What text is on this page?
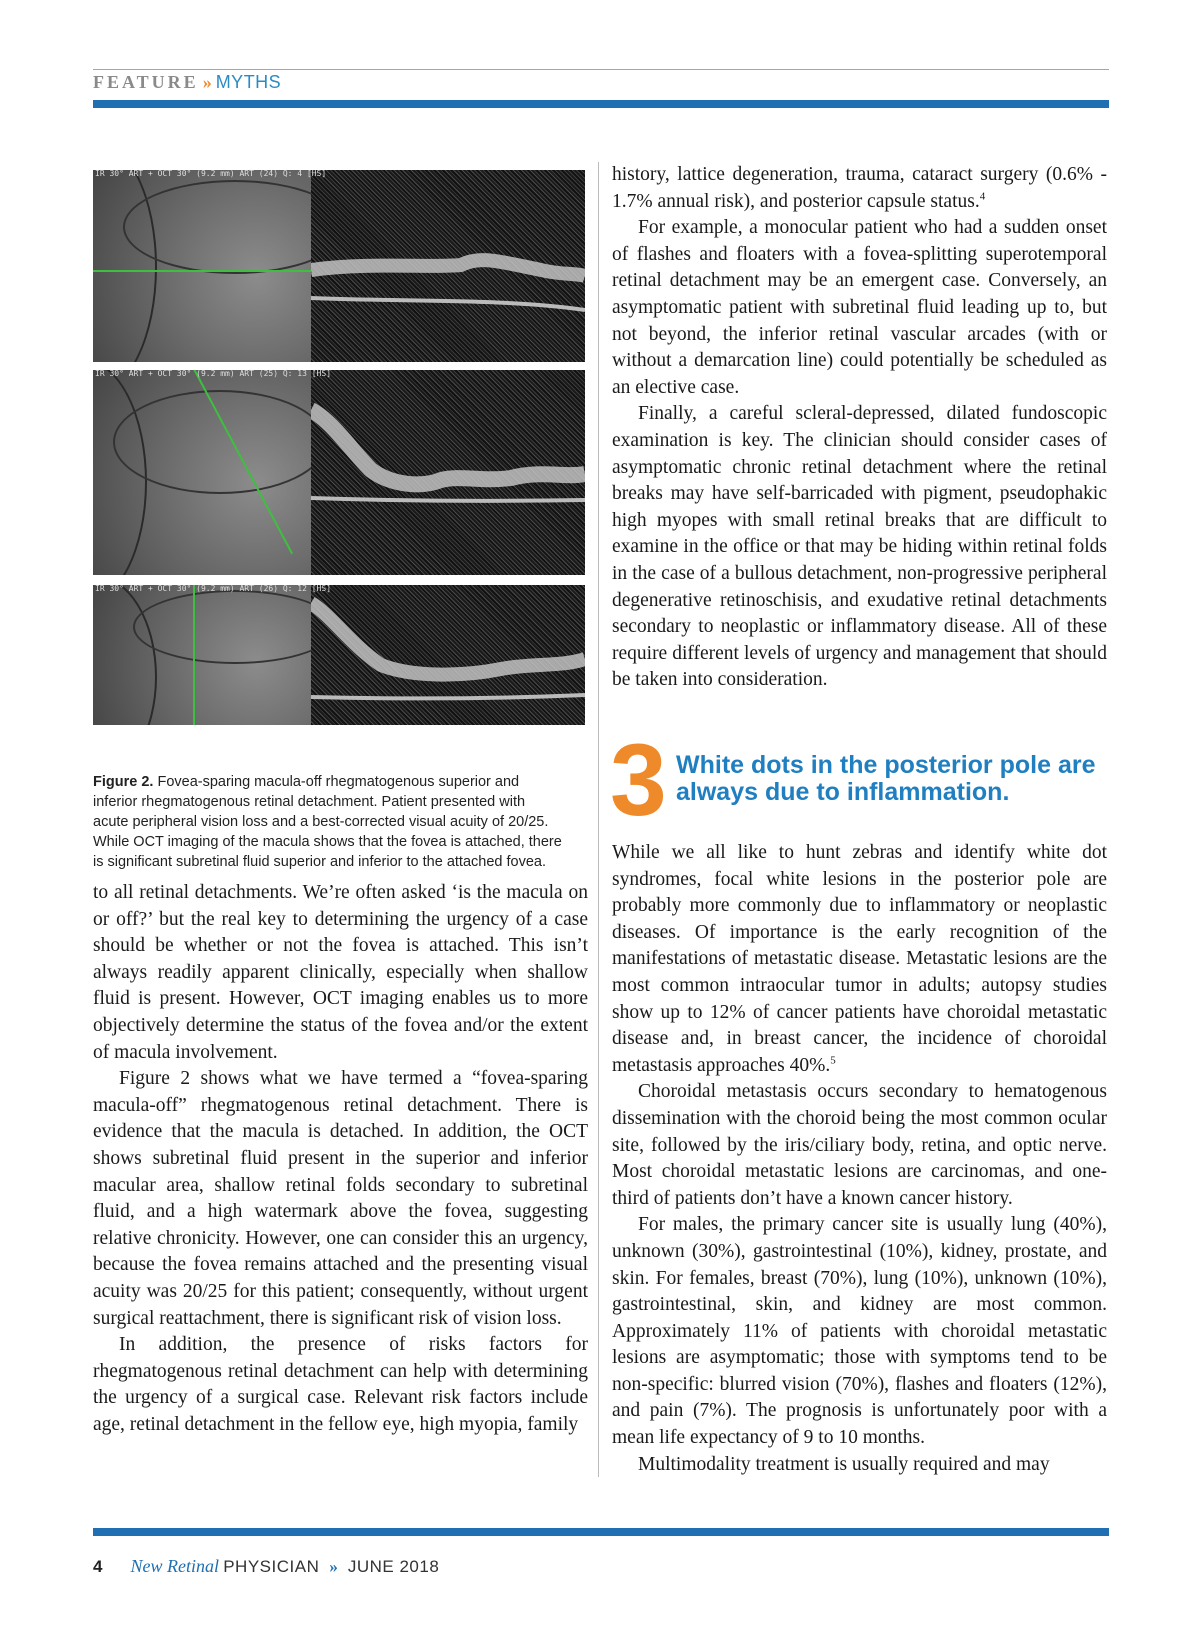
FEATURE » MYTHS
IR 30° ART + OCT 30° (9.2 mm) ART (24) Q: 4 [HS]
IR 30° ART + OCT 30° (9.2 mm) ART (25) Q: 13 [HS]
IR 30° ART + OCT 30° (9.2 mm) ART (26) Q: 12 [HS]
Figure 2. Fovea-sparing macula-off rhegmatogenous superior and inferior rhegmatogenous retinal detachment. Patient presented with acute peripheral vision loss and a best-corrected visual acuity of 20/25. While OCT imaging of the macula shows that the fovea is attached, there is significant subretinal fluid superior and inferior to the attached fovea.

to all retinal detachments. We’re often asked ‘is the macula on or off?’ but the real key to determining the urgency of a case should be whether or not the fovea is attached. This isn’t always readily apparent clinically, especially when shallow fluid is present. However, OCT imaging enables us to more objectively determine the status of the fovea and/or the extent of macula involvement.

Figure 2 shows what we have termed a “fovea-sparing macula-off” rhegmatogenous retinal detachment. There is evidence that the macula is detached. In addition, the OCT shows subretinal fluid present in the superior and inferior macular area, shallow retinal folds secondary to subretinal fluid, and a high watermark above the fovea, suggesting relative chronicity. However, one can consider this an urgency, because the fovea remains attached and the presenting visual acuity was 20/25 for this patient; consequently, without urgent surgical reattachment, there is significant risk of vision loss.

In addition, the presence of risks factors for rhegmatogenous retinal detachment can help with determining the urgency of a surgical case. Relevant risk factors include age, retinal detachment in the fellow eye, high myopia, family

history, lattice degeneration, trauma, cataract surgery (0.6% - 1.7% annual risk), and posterior capsule status.$^4$

For example, a monocular patient who had a sudden onset of flashes and floaters with a fovea-splitting superotemporal retinal detachment may be an emergent case. Conversely, an asymptomatic patient with subretinal fluid leading up to, but not beyond, the inferior retinal vascular arcades (with or without a demarcation line) could potentially be scheduled as an elective case.

Finally, a careful scleral-depressed, dilated fundoscopic examination is key. The clinician should consider cases of asymptomatic chronic retinal detachment where the retinal breaks may have self-barricaded with pigment, pseudophakic high myopes with small retinal breaks that are difficult to examine in the office or that may be hiding within retinal folds in the case of a bullous detachment, non-progressive peripheral degenerative retinoschisis, and exudative retinal detachments secondary to neoplastic or inflammatory disease. All of these require different levels of urgency and management that should be taken into consideration.

3 White dots in the posterior pole are always due to inflammation.

While we all like to hunt zebras and identify white dot syndromes, focal white lesions in the posterior pole are probably more commonly due to inflammatory or neoplastic diseases. Of importance is the early recognition of the manifestations of metastatic disease. Metastatic lesions are the most common intraocular tumor in adults; autopsy studies show up to 12% of cancer patients have choroidal metastatic disease and, in breast cancer, the incidence of choroidal metastasis approaches 40%.$^5$

Choroidal metastasis occurs secondary to hematogenous dissemination with the choroid being the most common ocular site, followed by the iris/ciliary body, retina, and optic nerve. Most choroidal metastatic lesions are carcinomas, and one-third of patients don’t have a known cancer history.

For males, the primary cancer site is usually lung (40%), unknown (30%), gastrointestinal (10%), kidney, prostate, and skin. For females, breast (70%), lung (10%), unknown (10%), gastrointestinal, skin, and kidney are most common. Approximately 11% of patients with choroidal metastatic lesions are asymptomatic; those with symptoms tend to be non-specific: blurred vision (70%), flashes and floaters (12%), and pain (7%). The prognosis is unfortunately poor with a mean life expectancy of 9 to 10 months.

Multimodality treatment is usually required and may

4 New Retinal PHYSICIAN » JUNE 2018
